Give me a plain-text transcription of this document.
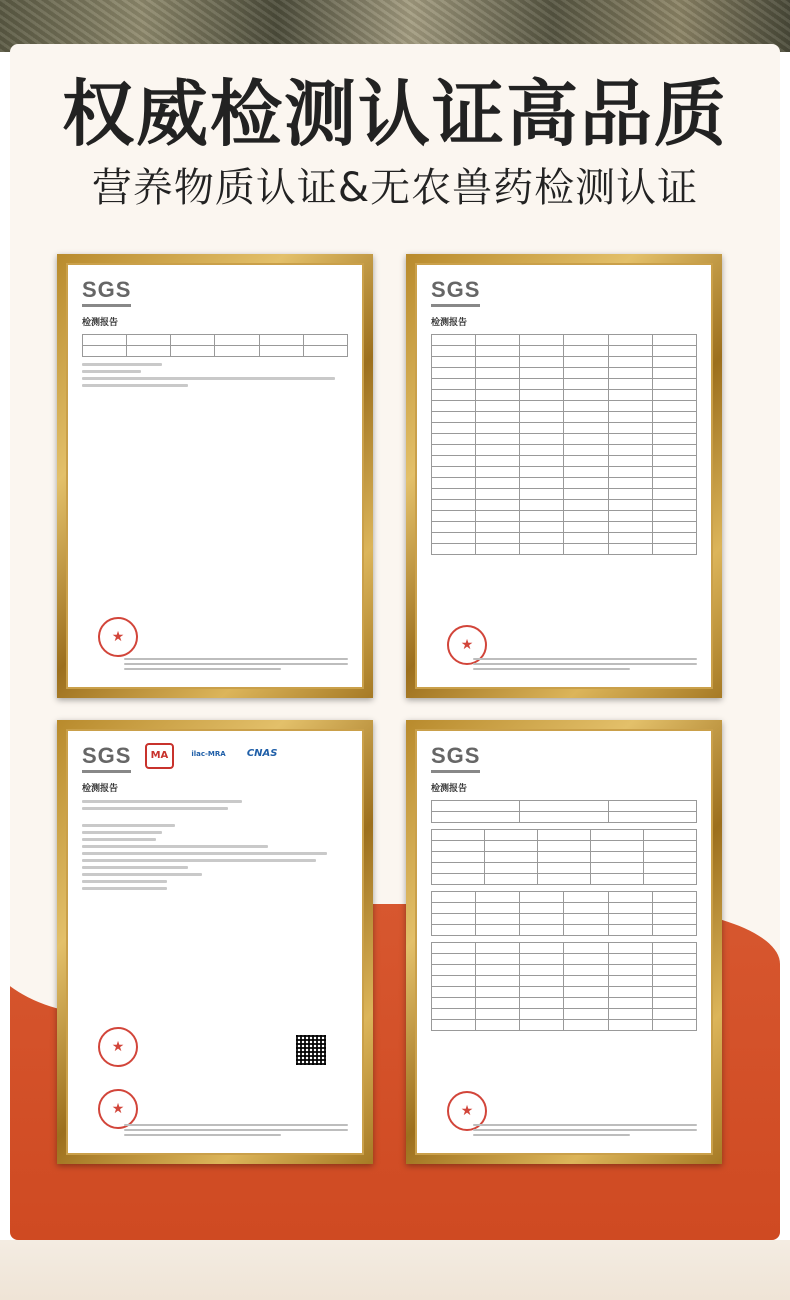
权威检测认证高品质
营养物质认证&无农兽药检测认证
SGS
检测报告

★
SGS
检测报告

★
SGS MA	ilac-MRA CNAS
检测报告
★
★
SGS
检测报告

★
